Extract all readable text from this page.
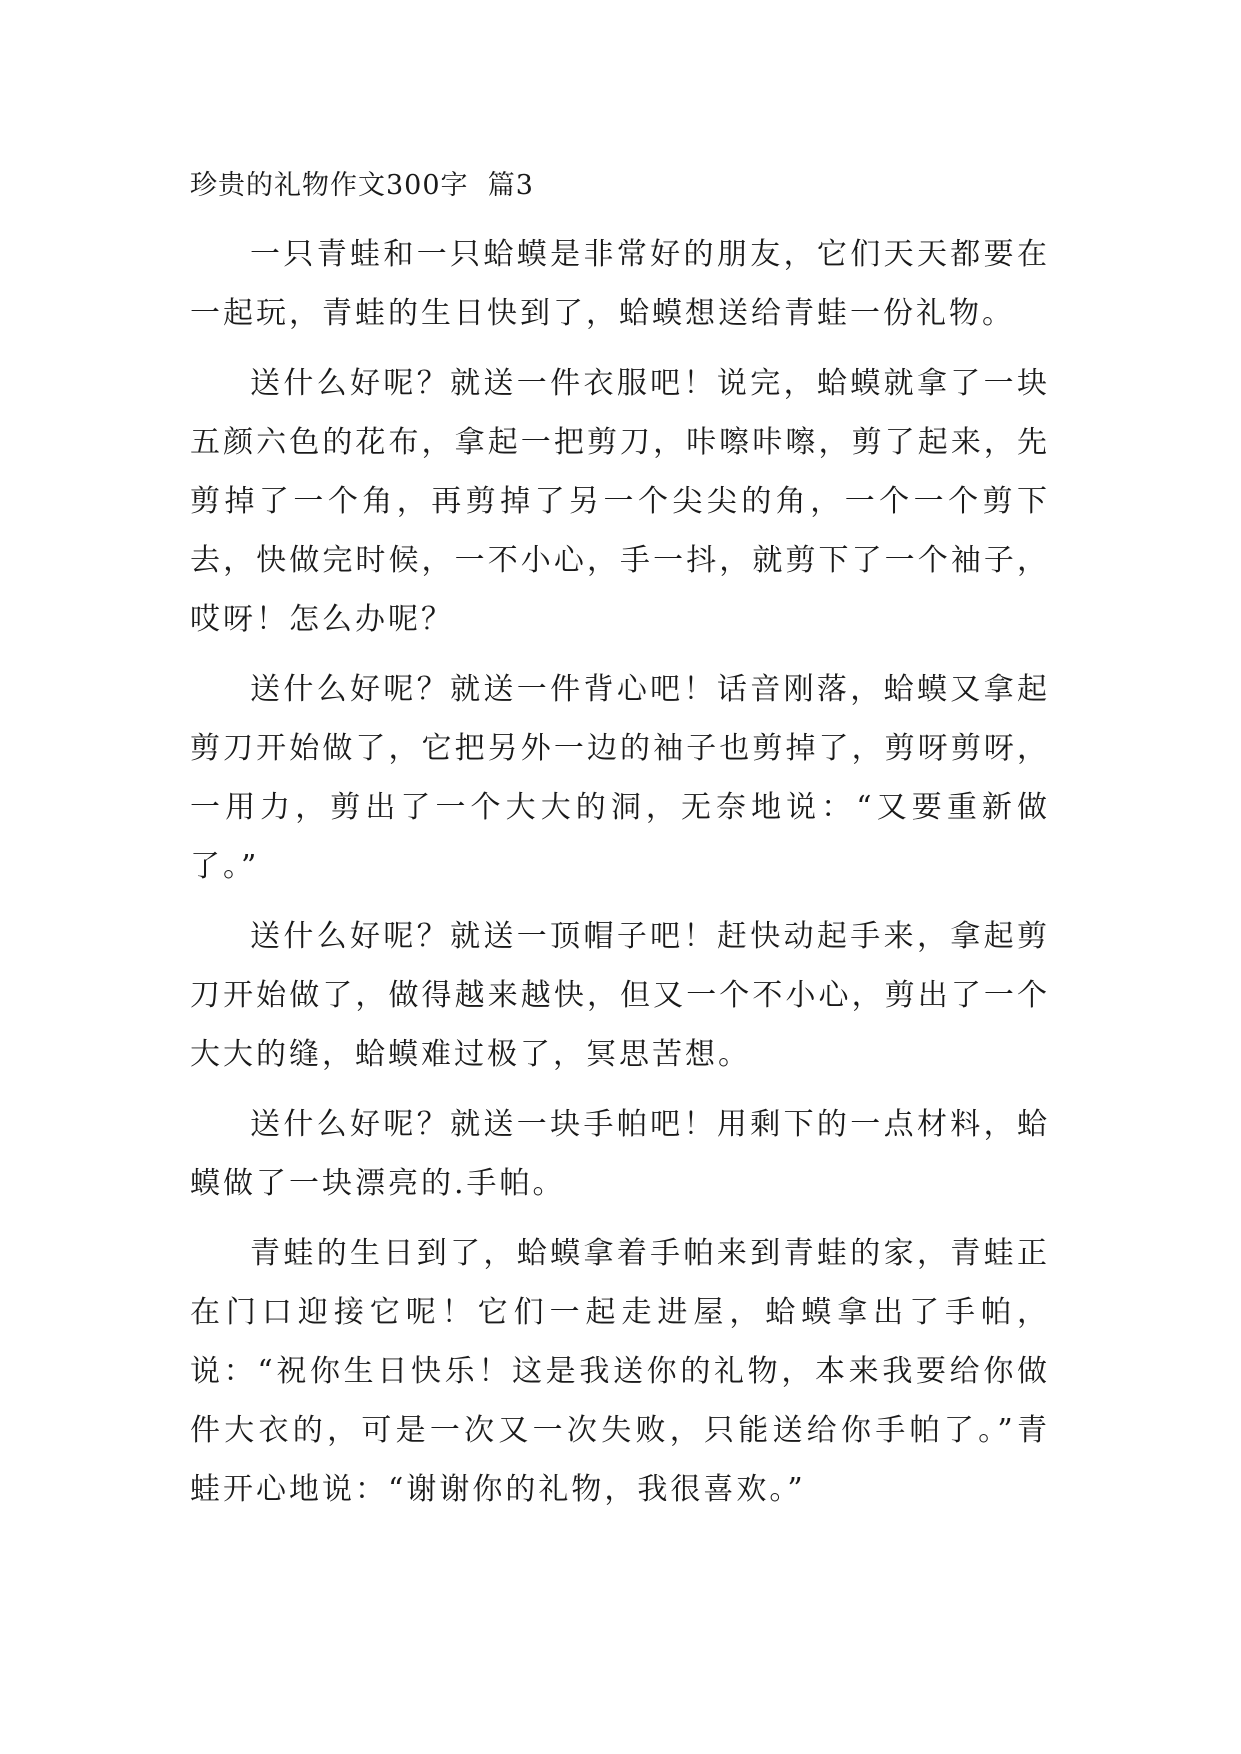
珍贵的礼物作文300字  篇3

一只青蛙和一只蛤蟆是非常好的朋友，它们天天都要在一起玩，青蛙的生日快到了，蛤蟆想送给青蛙一份礼物。

送什么好呢？就送一件衣服吧！说完，蛤蟆就拿了一块五颜六色的花布，拿起一把剪刀，咔嚓咔嚓，剪了起来，先剪掉了一个角，再剪掉了另一个尖尖的角，一个一个剪下去，快做完时候，一不小心，手一抖，就剪下了一个袖子，哎呀！怎么办呢？

送什么好呢？就送一件背心吧！话音刚落，蛤蟆又拿起剪刀开始做了，它把另外一边的袖子也剪掉了，剪呀剪呀，一用力，剪出了一个大大的洞，无奈地说：“又要重新做了。”

送什么好呢？就送一顶帽子吧！赶快动起手来，拿起剪刀开始做了，做得越来越快，但又一个不小心，剪出了一个大大的缝，蛤蟆难过极了，冥思苦想。

送什么好呢？就送一块手帕吧！用剩下的一点材料，蛤蟆做了一块漂亮的.手帕。

青蛙的生日到了，蛤蟆拿着手帕来到青蛙的家，青蛙正在门口迎接它呢！它们一起走进屋，蛤蟆拿出了手帕，说：“祝你生日快乐！这是我送你的礼物，本来我要给你做件大衣的，可是一次又一次失败，只能送给你手帕了。”青蛙开心地说：“谢谢你的礼物，我很喜欢。”
